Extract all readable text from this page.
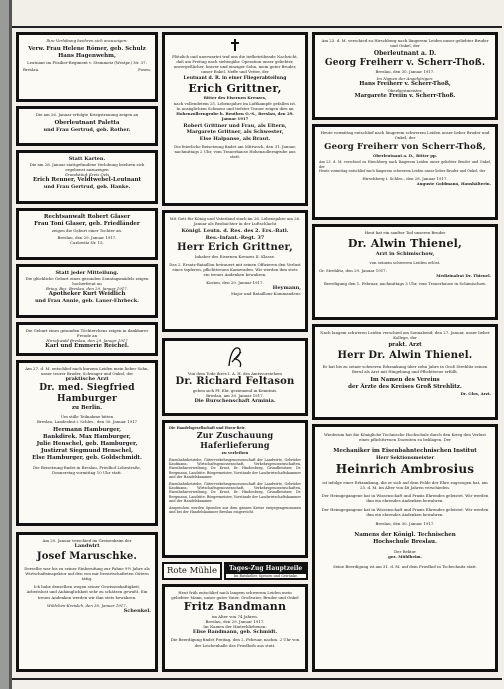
Ihre Verlobung beehren sich anzuzeigen:
Verw. Frau Helene Römer, geb. Schulz
Hans Hagenwehm,
Leutnant im Füsilier-Regiment v. Steinmetz (Westpr.) Nr. 37.
Breslau.	Posen.
Die am 26. Januar erfolgte Kriegstrauung zeigen an
Oberleutnant Paletta
und Frau Gertrud, geb. Rother.
Statt Karten.
Die am 28. Januar stattgefundene Verlobung beehren sich ergebenst anzuzeigen
Grundstück Kreis Oels
Erich Renner, Veldtwebel-Leutnant
und Frau Gertrud, geb. Hanke.
Rechtsanwalt Robert Glaser
Frau Toni Glaser, geb. Friedländer
zeigen die Geburt einer Tochter an.
Breslau, den 29. Januar 1917.
Carlowitz Nr. 15.
Statt jeder Mitteilung.
Die glückliche Geburt eines gesunden Sonntagsmädels zeigen hocherfreut an
Brieg, Bez. Breslau, den 29. Januar 1917.
Apotheker Kurt Weidlich
und Frau Annie, geb. Lauer-Ehrbeck.
Die Geburt eines gesunden Töchterchens zeigen in dankbarer Freude an
Hirschwald Breslau, den 29. Januar 1917
Karl und Emmerie Reichel.
Am 27. d. M. entschlief nach kurzem Leiden mein lieber Sohn, unser teurer Bruder, Schwager und Onkel, der
praktische Arzt
Dr. med. Siegfried Hamburger
zu Berlin.
Um stille Teilnahme bitten
Breslau, Landeshut i. Schles., den 30. Januar 1917
Hermann Hamburger,
Bankdirek. Max Hamburger,
Julie Henschel, geb. Hamburger,
Justizrat Siegmund Henschel,
Else Hamburger, geb. Goldschmidt.
Die Beisetzung findet in Breslau, Friedhof Lohestraße, Donnerstag vormittag 10 Uhr statt.
Am 20. Januar verschied im Greisenheim der
Landwirt
Josef Maruschke.
Derselbe war bis zu seiner Einberufung zur Fahne 9½ Jahre als Wirtschaftsinspektor auf den von mir bewirtschafteten Gütern tätig.
Ich habe denselben wegen seiner Gewissenhaftigkeit, Arbeitslust und Anhänglichkeit sehr zu schätzen gewußt. Ein treues Andenken werden wir ihm stets bewahren.
Wildchen-Kreisleh, den 30. Januar 1917.
Schenkel.
Plötzlich und unerwartet traf uns die tiefbetrübende Nachricht, daß am Freitag nach siebenjähr. Operation unser geliebter, unvergeßlicher, braver und einziger Sohn, mein guter Bruder, unser Enkel, Neffe und Vetter, der
Leutnant d. R. in einer Fliegerabteilung
Erich Grittner,
Ritter des Eisernen Kreuzes,
nach vollendetem 25. Lebensjahre im Luftkampfe gefallen ist.
In unsäglichem Schmerz und tiefster Trauer zeigen dies an
Hohenzollerngrube b. Beuthen O.-S., Breslau, den 29. Januar 1917
Robert Grittner und Frau, als Eltern,
Margarete Grittner, als Schwester,
Else Halpanse, als Braut.
Die feierliche Beisetzung findet am Mittwoch, den 31. Januar, nachmittags 2 Uhr, vom Trauerhause Hohenzollerngrube aus statt.
Mit Gott für König und Vaterland starb im 26. Lebensjahre am 26. Januar als Beobachter in der Luftschlacht
Königl. Leutn. d. Res. des 2. Ers.-Batl.
Res.-Infant.-Regt. 37
Herr Erich Grittner,
Inhaber des Eisernen Kreuzes II. Klasse.
Das 2. Ersatz-Bataillon betrauert mit seinen Offizieren den Verlust eines tapferen, pflichttreuen Kameraden. Wir werden ihm stets ein treues Andenken bewahren.
Kosten, den 29. Januar 1917.
Heymann,
Major und Bataillons-Kommandeur.
Von dem Tode ihres I. A. H. des Amtsvorstehers
Dr. Richard Feltason
geben sich Pf. Ehr. geziemend in Kenntnis.
Breslau, am 30. Januar 1917.
Die Burschenschaft Arminia.
Die Handelsgesellschaft und Eisen-Betr.
Zur Zuschauung Haferlieferung
zu verleihen
Eisenbahnbetriebe, Güterverkehrsgenossenschaft der Landwirte, Gebrüder Kaufmann, Wirtschaftsgenossenschaft, Verkehrsgenossenschaften, Eisenbahnverwaltung, Dr. Ernst, Dr. Hindenberg, Grundbesitzer, Dr. Bergmann, Landräte, Bürgermeister, Vorstände der Landwirtschaftskammer und der Handelskammer.
Eisenbahnbetriebe, Güterverkehrsgenossenschaft der Landwirte, Gebrüder Kaufmann, Wirtschaftsgenossenschaft, Verkehrsgenossenschaften, Eisenbahnverwaltung, Dr. Ernst, Dr. Hindenberg, Grundbesitzer, Dr. Bergmann, Landräte, Bürgermeister, Vorstände der Landwirtschaftskammer und der Handelskammer.
Ansprechen werden Spenden aus dem ganzen Kreise entgegengenommen und bei der Handelskammer Breslau eingereicht.
Rote Mühle	Tages-Zug Hauptzeile
Im Ratskeller. Speisen und Getränke.
Heut früh entschlief nach langem schwerem Leiden mein geliebter Mann, unser guter Vater, Großvater, Bruder und Onkel
Fritz Bandmann
im Alter von 74 Jahren.
Breslau, den 29. Januar 1917.
Im Namen der Hinterbliebenen:
Elise Bandmann, geb. Schmidt.
Die Beerdigung findet Freitag, den 2. Februar, nachm. 2 Uhr von der Leichenhalle des Friedhofs aus statt.
Am 23. d. M. verschied zu Hirschberg nach längerem Leiden unser geliebter Bruder und Onkel, der
Oberleutnant a. D.
Georg Freiherr v. Scherr-Thoß.
Breslau, den 30. Januar 1917.
Im Namen der Angehörigen:
Hans Freiherr v. Scherr-Thoß,
Oberforstmeister,
Margarete Freiin v. Scherr-Thoß.
Heute vormittag entschlief nach längerem schwerem Leiden unser lieber Bruder und Onkel, der
Georg Freiherr von Scherr-Thoß,
Oberleutnant a. D., Ritter pp.
Am 23. d. M. verschied zu Hirschberg nach längerem Leiden unser geliebter Bruder und Onkel, der
Heute vormittag entschlief nach längerem schwerem Leiden unser lieber Bruder und Onkel, der
Hirschberg i. Schles., den 28. Januar 1917.
Auguste Goldmann, Haushälterin.
Heut hat ein sanfter Tod unseren Bruder
Dr. Alwin Thienel,
Arzt in Schimischow,
von seinem schweren Leiden erlöst.
Gr. Strehlitz, den 29. Januar 1917.
Medizinalrat Dr. Thienel.
Beerdigung den 1. Februar, nachmittags 3 Uhr, vom Trauerhause in Schimischow.
Nach langem schweren Leiden verschied am Sonnabend, den 27. Januar, unser lieber Kollege, der
prakt. Arzt
Herr Dr. Alwin Thienel.
Er hat bis zu seiner schweren Erkrankung über zehn Jahre in Groß Strehlitz seinen Beruf als Arzt mit Hingebung und Pflichttreue erfüllt.
Im Namen des Vereins
der Ärzte des Kreises Groß Strehlitz.
Dr. Glos, Arzt.
Wiederum hat die Königliche Technische Hochschule durch den Krieg den Verlust eines pflichttreuen Dozenten zu beklagen. Der
Mechaniker im Eisenbahntechnischen Institut
Herr Sektionsmeister
Heinrich Ambrosius
ist infolge einer Erkrankung, die er sich auf dem Felde der Ehre zugezogen hat, am 25. d. M. im Alter von 48 Jahren verschieden.
Der Heimgegangene hat in Wissenschaft und Praxis Ehrendes geleistet. Wir werden ihm ein ehrendes Andenken bewahren.
Der Heimgegangene hat in Wissenschaft und Praxis Ehrendes geleistet. Wir werden ihm ein ehrendes Andenken bewahren.
Breslau, den 30. Januar 1917.
Namens der Königl. Technischen
Hochschule Breslau.
Der Rektor
gez. Mühlheim.
Seine Beerdigung ist am 31. d. M. auf dem Friedhof in Tschechnitz statt.
